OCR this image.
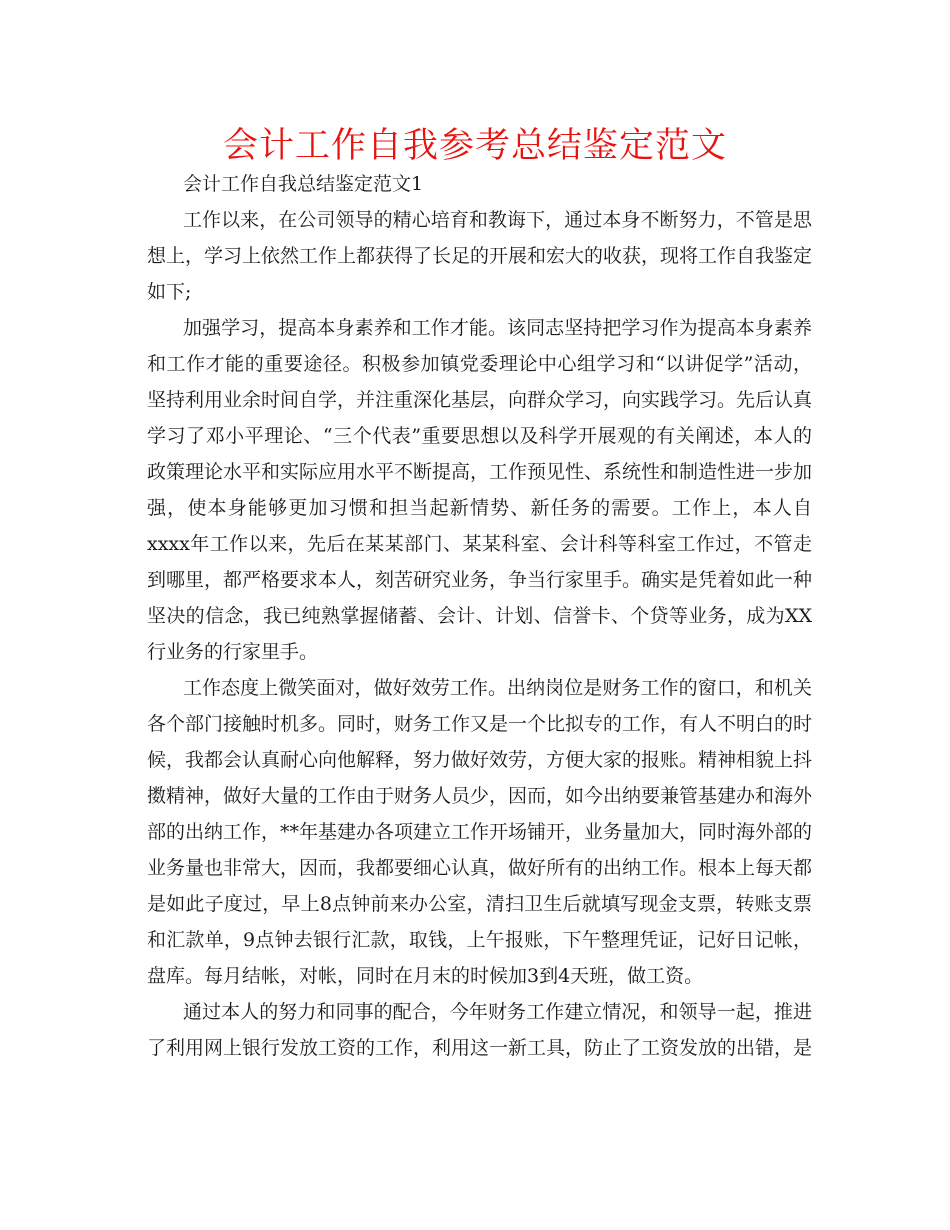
会计工作自我参考总结鉴定范文

会计工作自我总结鉴定范文1

工作以来，在公司领导的精心培育和教诲下，通过本身不断努力，不管是思想上，学习上依然工作上都获得了长足的开展和宏大的收获，现将工作自我鉴定如下;

加强学习，提高本身素养和工作才能。该同志坚持把学习作为提高本身素养和工作才能的重要途径。积极参加镇党委理论中心组学习和“以讲促学”活动，坚持利用业余时间自学，并注重深化基层，向群众学习，向实践学习。先后认真学习了邓小平理论、“三个代表”重要思想以及科学开展观的有关阐述，本人的政策理论水平和实际应用水平不断提高，工作预见性、系统性和制造性进一步加强，使本身能够更加习惯和担当起新情势、新任务的需要。工作上，本人自xxxx年工作以来，先后在某某部门、某某科室、会计科等科室工作过，不管走到哪里，都严格要求本人，刻苦研究业务，争当行家里手。确实是凭着如此一种坚决的信念，我已纯熟掌握储蓄、会计、计划、信誉卡、个贷等业务，成为XX行业务的行家里手。

工作态度上微笑面对，做好效劳工作。出纳岗位是财务工作的窗口，和机关各个部门接触时机多。同时，财务工作又是一个比拟专的工作，有人不明白的时候，我都会认真耐心向他解释，努力做好效劳，方便大家的报账。精神相貌上抖擞精神，做好大量的工作由于财务人员少，因而，如今出纳要兼管基建办和海外部的出纳工作，**年基建办各项建立工作开场铺开，业务量加大，同时海外部的业务量也非常大，因而，我都要细心认真，做好所有的出纳工作。根本上每天都是如此子度过，早上8点钟前来办公室，清扫卫生后就填写现金支票，转账支票和汇款单，9点钟去银行汇款，取钱，上午报账，下午整理凭证，记好日记帐，盘库。每月结帐，对帐，同时在月末的时候加3到4天班，做工资。

通过本人的努力和同事的配合，今年财务工作建立情况，和领导一起，推进了利用网上银行发放工资的工作，利用这一新工具，防止了工资发放的出错，是
